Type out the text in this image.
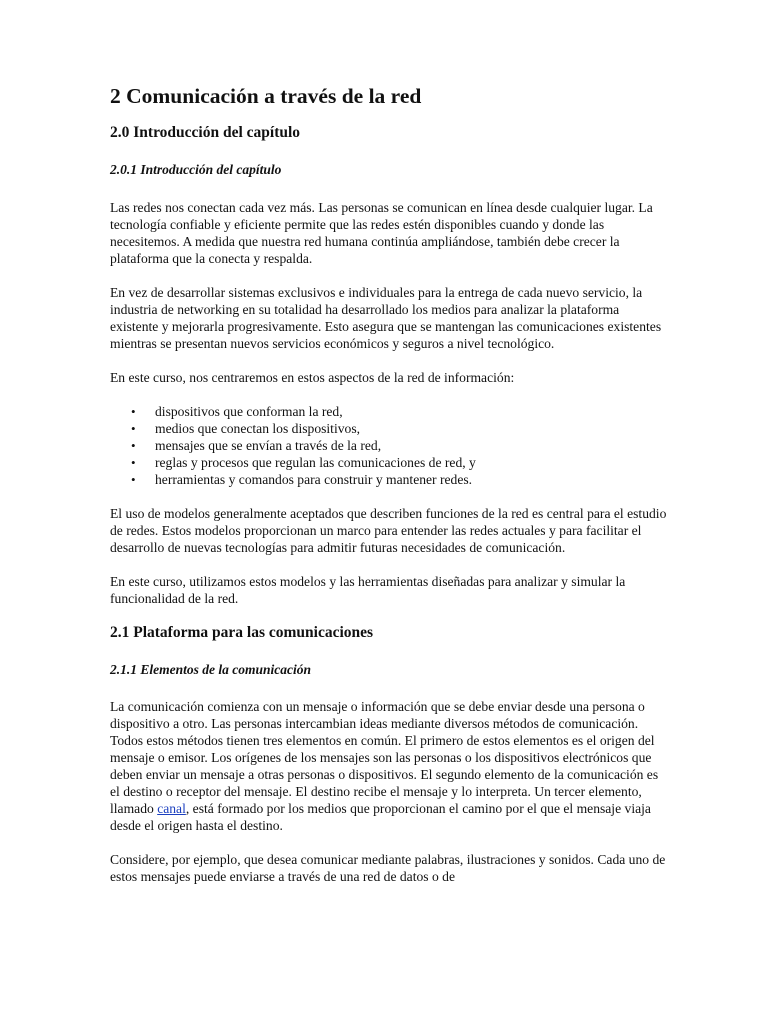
2 Comunicación a través de la red
2.0 Introducción del capítulo
2.0.1 Introducción del capítulo

Las redes nos conectan cada vez más. Las personas se comunican en línea desde cualquier lugar. La tecnología confiable y eficiente permite que las redes estén disponibles cuando y donde las necesitemos. A medida que nuestra red humana continúa ampliándose, también debe crecer la plataforma que la conecta y respalda.

En vez de desarrollar sistemas exclusivos e individuales para la entrega de cada nuevo servicio, la industria de networking en su totalidad ha desarrollado los medios para analizar la plataforma existente y mejorarla progresivamente. Esto asegura que se mantengan las comunicaciones existentes mientras se presentan nuevos servicios económicos y seguros a nivel tecnológico.

En este curso, nos centraremos en estos aspectos de la red de información:

• dispositivos que conforman la red,
• medios que conectan los dispositivos,
• mensajes que se envían a través de la red,
• reglas y procesos que regulan las comunicaciones de red, y
• herramientas y comandos para construir y mantener redes.

El uso de modelos generalmente aceptados que describen funciones de la red es central para el estudio de redes. Estos modelos proporcionan un marco para entender las redes actuales y para facilitar el desarrollo de nuevas tecnologías para admitir futuras necesidades de comunicación.

En este curso, utilizamos estos modelos y las herramientas diseñadas para analizar y simular la funcionalidad de la red.

2.1 Plataforma para las comunicaciones
2.1.1 Elementos de la comunicación

La comunicación comienza con un mensaje o información que se debe enviar desde una persona o dispositivo a otro. Las personas intercambian ideas mediante diversos métodos de comunicación. Todos estos métodos tienen tres elementos en común. El primero de estos elementos es el origen del mensaje o emisor. Los orígenes de los mensajes son las personas o los dispositivos electrónicos que deben enviar un mensaje a otras personas o dispositivos. El segundo elemento de la comunicación es el destino o receptor del mensaje. El destino recibe el mensaje y lo interpreta. Un tercer elemento, llamado canal, está formado por los medios que proporcionan el camino por el que el mensaje viaja desde el origen hasta el destino.

Considere, por ejemplo, que desea comunicar mediante palabras, ilustraciones y sonidos. Cada uno de estos mensajes puede enviarse a través de una red de datos o de
